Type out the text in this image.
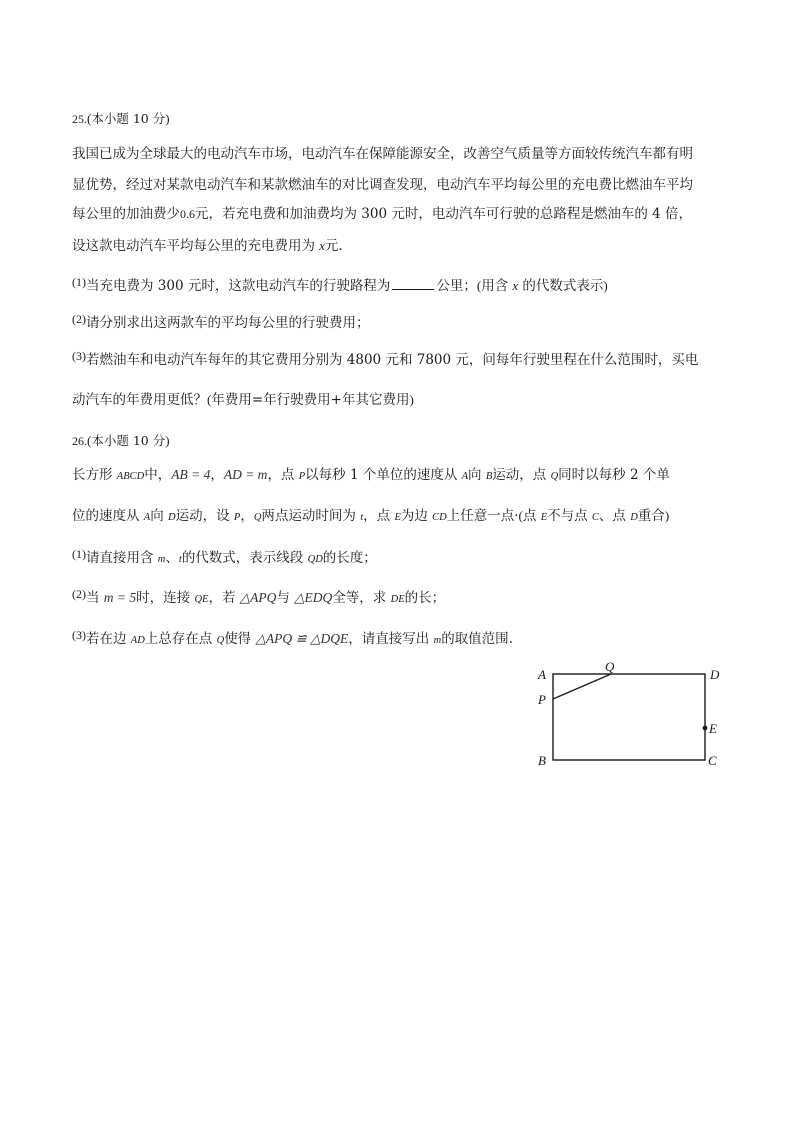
25.(本小题 10 分)
我国已成为全球最大的电动汽车市场，电动汽车在保障能源安全，改善空气质量等方面较传统汽车都有明
显优势，经过对某款电动汽车和某款燃油车的对比调查发现，电动汽车平均每公里的充电费比燃油车平均
每公里的加油费少0.6元，若充电费和加油费均为 300 元时，电动汽车可行驶的总路程是燃油车的 4 倍，
设这款电动汽车平均每公里的充电费用为 x元.
(1)当充电费为 300 元时，这款电动汽车的行驶路程为	公里；(用含 x 的代数式表示)
(2)请分别求出这两款车的平均每公里的行驶费用；
(3)若燃油车和电动汽车每年的其它费用分别为 4800 元和 7800 元，问每年行驶里程在什么范围时，买电
动汽车的年费用更低？(年费用=年行驶费用+年其它费用)
26.(本小题 10 分)
长方形 ABCD中，AB = 4，AD = m，点 P以每秒 1 个单位的速度从 A向 B运动，点 Q同时以每秒 2 个单
位的速度从 A向 D运动，设 P，Q两点运动时间为 t，点 E为边 CD上任意一点·(点 E不与点 C、点 D重合)
(1)请直接用含 m、t的代数式，表示线段 QD的长度；
(2)当 m = 5时，连接 QE，若 △APQ与 △EDQ全等，求 DE的长；
(3)若在边 AD上总存在点 Q使得 △APQ ≌ △DQE，请直接写出 m的取值范围.
A
Q
D
P
E
B	C
